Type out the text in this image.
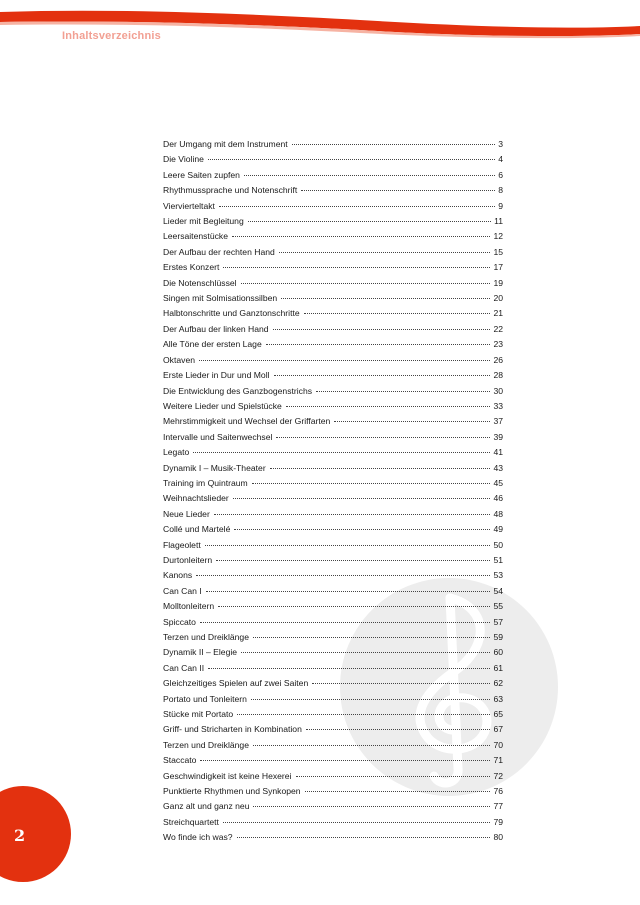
Inhaltsverzeichnis
Der Umgang mit dem Instrument	3
Die Violine	4
Leere Saiten zupfen	6
Rhythmussprache und Notenschrift	8
Viervierteltakt	9
Lieder mit Begleitung	11
Leersaitenstücke	12
Der Aufbau der rechten Hand	15
Erstes Konzert	17
Die Notenschlüssel	19
Singen mit Solmisationssilben	20
Halbtonschritte und Ganztonschritte	21
Der Aufbau der linken Hand	22
Alle Töne der ersten Lage	23
Oktaven	26
Erste Lieder in Dur und Moll	28
Die Entwicklung des Ganzbogenstrichs	30
Weitere Lieder und Spielstücke	33
Mehrstimmigkeit und Wechsel der Griffarten	37
Intervalle und Saitenwechsel	39
Legato	41
Dynamik I – Musik-Theater	43
Training im Quintraum	45
Weihnachtslieder	46
Neue Lieder	48
Collé und Martelé	49
Flageolett	50
Durtonleitern	51
Kanons	53
Can Can I	54
Molltonleitern	55
Spiccato	57
Terzen und Dreiklänge	59
Dynamik II – Elegie	60
Can Can II	61
Gleichzeitiges Spielen auf zwei Saiten	62
Portato und Tonleitern	63
Stücke mit Portato	65
Griff- und Stricharten in Kombination	67
Terzen und Dreiklänge	70
Staccato	71
Geschwindigkeit ist keine Hexerei	72
Punktierte Rhythmen und Synkopen	76
Ganz alt und ganz neu	77
Streichquartett	79
Wo finde ich was?	80
2
